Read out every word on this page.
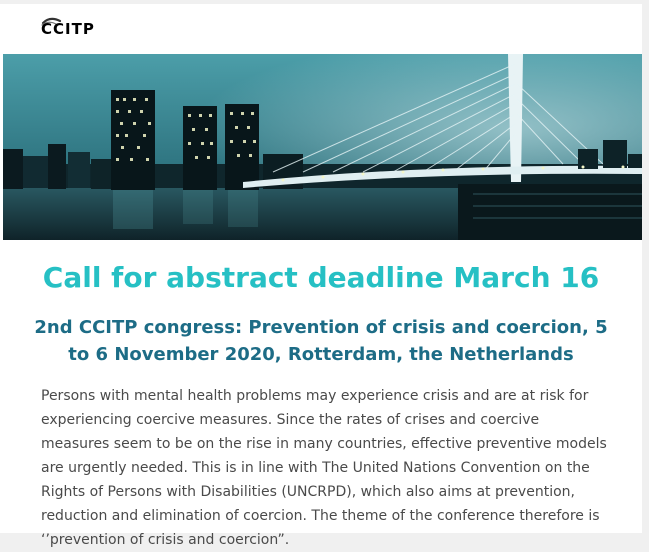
CCITP
Call for abstract deadline March 16
2nd CCITP congress: Prevention of crisis and coercion, 5 to 6 November 2020, Rotterdam, the Netherlands

Persons with mental health problems may experience crisis and are at risk for experiencing coercive measures. Since the rates of crises and coercive measures seem to be on the rise in many countries, effective preventive models are urgently needed. This is in line with The United Nations Convention on the Rights of Persons with Disabilities (UNCRPD), which also aims at prevention, reduction and elimination of coercion. The theme of the conference therefore is ‘’prevention of crisis and coercion”.
